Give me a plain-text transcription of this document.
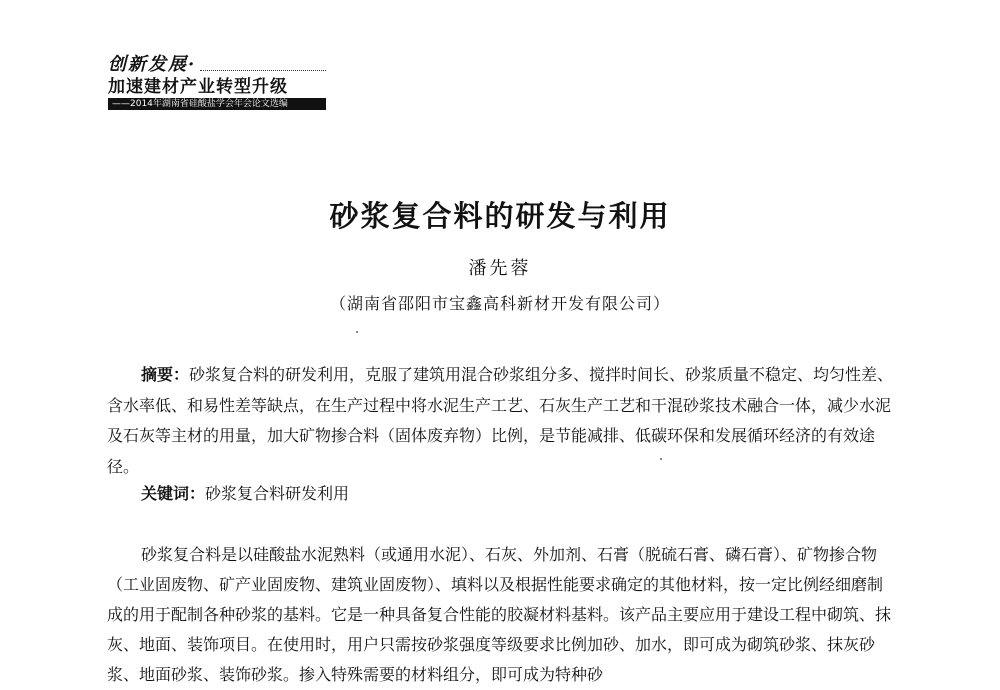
创新发展·
加速建材产业转型升级
——2014年湖南省硅酸盐学会年会论文选编
砂浆复合料的研发与利用
潘先蓉
（湖南省邵阳市宝鑫高科新材开发有限公司）

摘要：砂浆复合料的研发利用，克服了建筑用混合砂浆组分多、搅拌时间长、砂浆质量不稳定、均匀性差、含水率低、和易性差等缺点，在生产过程中将水泥生产工艺、石灰生产工艺和干混砂浆技术融合一体，减少水泥及石灰等主材的用量，加大矿物掺合料（固体废弃物）比例，是节能减排、低碳环保和发展循环经济的有效途径。

关键词：砂浆复合料研发利用

砂浆复合料是以硅酸盐水泥熟料（或通用水泥）、石灰、外加剂、石膏（脱硫石膏、磷石膏）、矿物掺合物（工业固废物、矿产业固废物、建筑业固废物）、填料以及根据性能要求确定的其他材料，按一定比例经细磨制成的用于配制各种砂浆的基料。它是一种具备复合性能的胶凝材料基料。该产品主要应用于建设工程中砌筑、抹灰、地面、装饰项目。在使用时，用户只需按砂浆强度等级要求比例加砂、加水，即可成为砌筑砂浆、抹灰砂浆、地面砂浆、装饰砂浆。掺入特殊需要的材料组分，即可成为特种砂
